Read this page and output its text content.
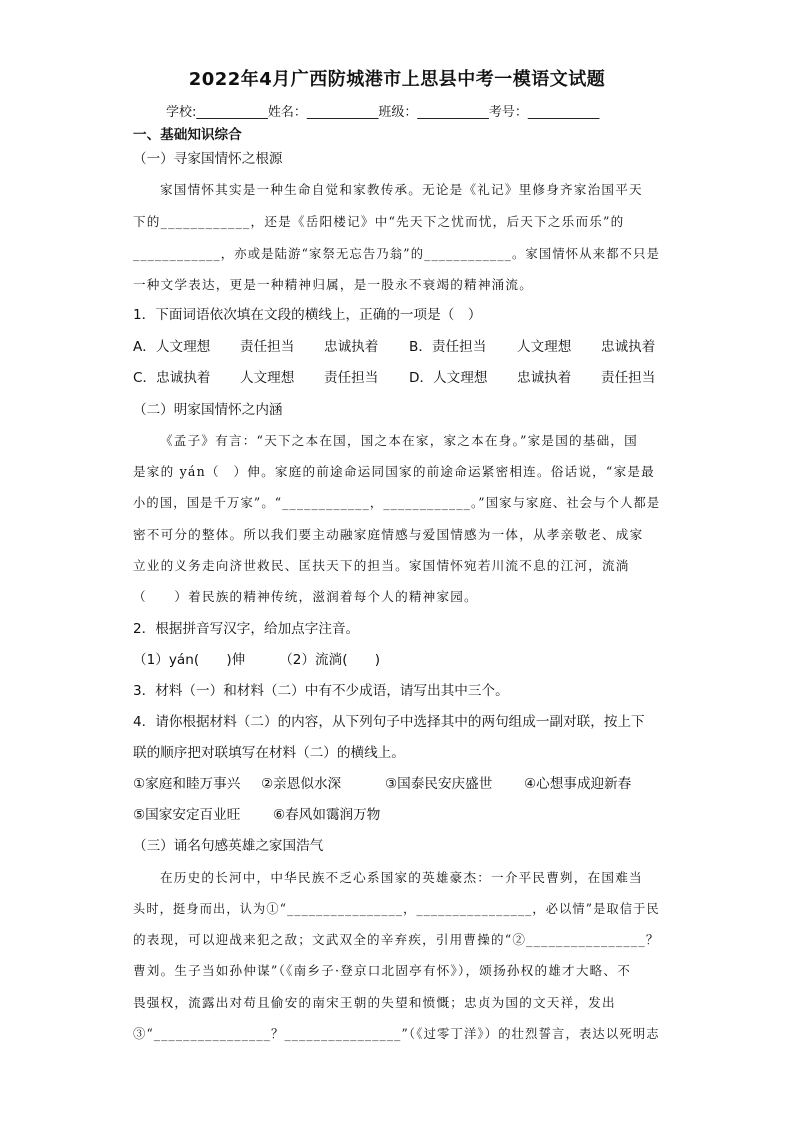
2022年4月广西防城港市上思县中考一模语文试题
学校:___________姓名：___________班级：___________考号：___________
一、基础知识综合
（一）寻家国情怀之根源
家国情怀其实是一种生命自觉和家教传承。无论是《礼记》里修身齐家治国平天
下的____________，还是《岳阳楼记》中“先天下之忧而忧，后天下之乐而乐”的
____________，亦或是陆游“家祭无忘告乃翁”的____________。家国情怀从来都不只是
一种文学表达，更是一种精神归属，是一股永不衰竭的精神涌流。
1．下面词语依次填在文段的横线上，正确的一项是（　）
A．人文理想 责任担当 忠诚执着 B．责任担当 人文理想 忠诚执着
C．忠诚执着 人文理想 责任担当 D．人文理想 忠诚执着 责任担当
（二）明家国情怀之内涵
《孟子》有言：“天下之本在国，国之本在家，家之本在身。”家是国的基础，国
是家的 yán（　）伸。家庭的前途命运同国家的前途命运紧密相连。俗话说，“家是最
小的国，国是千万家”。“____________，____________。”国家与家庭、社会与个人都是
密不可分的整体。所以我们要主动融家庭情感与爱国情感为一体，从孝亲敬老、成家
立业的义务走向济世救民、匡扶天下的担当。家国情怀宛若川流不息的江河，流淌
（　　）着民族的精神传统，滋润着每个人的精神家园。
2．根据拼音写汉字，给加点字注音。
（1）yán(　　)伸　　　（2）流淌(　　)
3．材料（一）和材料（二）中有不少成语，请写出其中三个。
4．请你根据材料（二）的内容，从下列句子中选择其中的两句组成一副对联，按上下
联的顺序把对联填写在材料（二）的横线上。
①家庭和睦万事兴 ②亲恩似水深	③国泰民安庆盛世 ④心想事成迎新春
⑤国家安定百业旺 ⑥春风如霭润万物
（三）诵名句感英雄之家国浩气
在历史的长河中，中华民族不乏心系国家的英雄豪杰：一介平民曹刿，在国难当
头时，挺身而出，认为①“________________，________________，必以情”是取信于民
的表现，可以迎战来犯之敌；文武双全的辛弃疾，引用曹操的“②________________？
曹刘。生子当如孙仲谋”（《南乡子·登京口北固亭有怀》），颂扬孙权的雄才大略、不
畏强权，流露出对苟且偷安的南宋王朝的失望和愤慨；忠贞为国的文天祥，发出
③“________________？________________”（《过零丁洋》）的壮烈誓言，表达以死明志
